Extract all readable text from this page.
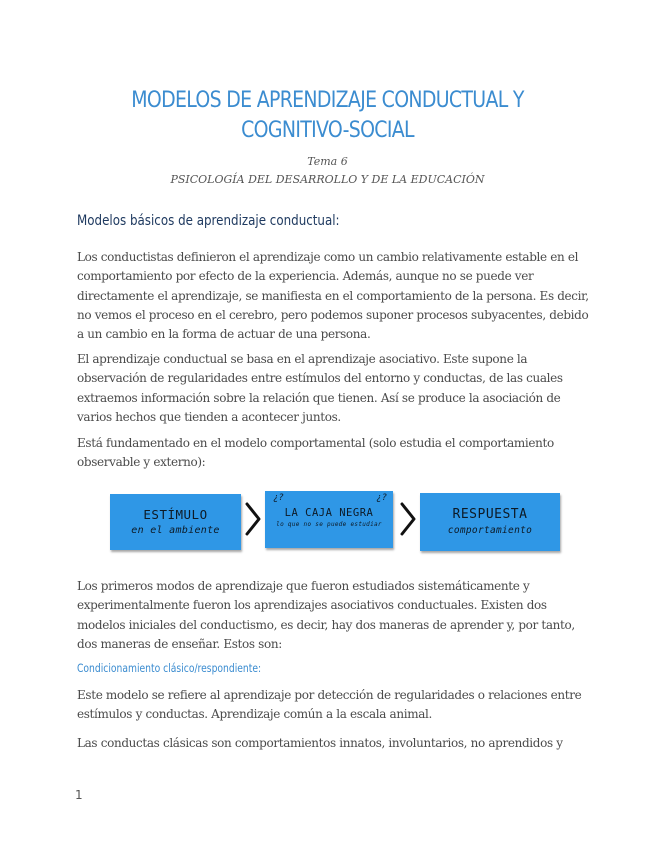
MODELOS DE APRENDIZAJE CONDUCTUAL Y
COGNITIVO-SOCIAL
Tema 6
PSICOLOGÍA DEL DESARROLLO Y DE LA EDUCACIÓN
Modelos básicos de aprendizaje conductual:
Los conductistas definieron el aprendizaje como un cambio relativamente estable en el
comportamiento por efecto de la experiencia. Además, aunque no se puede ver
directamente el aprendizaje, se manifiesta en el comportamiento de la persona. Es decir,
no vemos el proceso en el cerebro, pero podemos suponer procesos subyacentes, debido
a un cambio en la forma de actuar de una persona.
El aprendizaje conductual se basa en el aprendizaje asociativo. Este supone la
observación de regularidades entre estímulos del entorno y conductas, de las cuales
extraemos información sobre la relación que tienen. Así se produce la asociación de
varios hechos que tienden a acontecer juntos.
Está fundamentado en el modelo comportamental (solo estudia el comportamiento
observable y externo):
ESTÍMULO
en el ambiente
¿?	¿?
LA CAJA NEGRA
lo que no se puede estudiar
RESPUESTA
comportamiento
Los primeros modos de aprendizaje que fueron estudiados sistemáticamente y
experimentalmente fueron los aprendizajes asociativos conductuales. Existen dos
modelos iniciales del conductismo, es decir, hay dos maneras de aprender y, por tanto,
dos maneras de enseñar. Estos son:
Condicionamiento clásico/respondiente:
Este modelo se refiere al aprendizaje por detección de regularidades o relaciones entre
estímulos y conductas. Aprendizaje común a la escala animal.
Las conductas clásicas son comportamientos innatos, involuntarios, no aprendidos y
1
